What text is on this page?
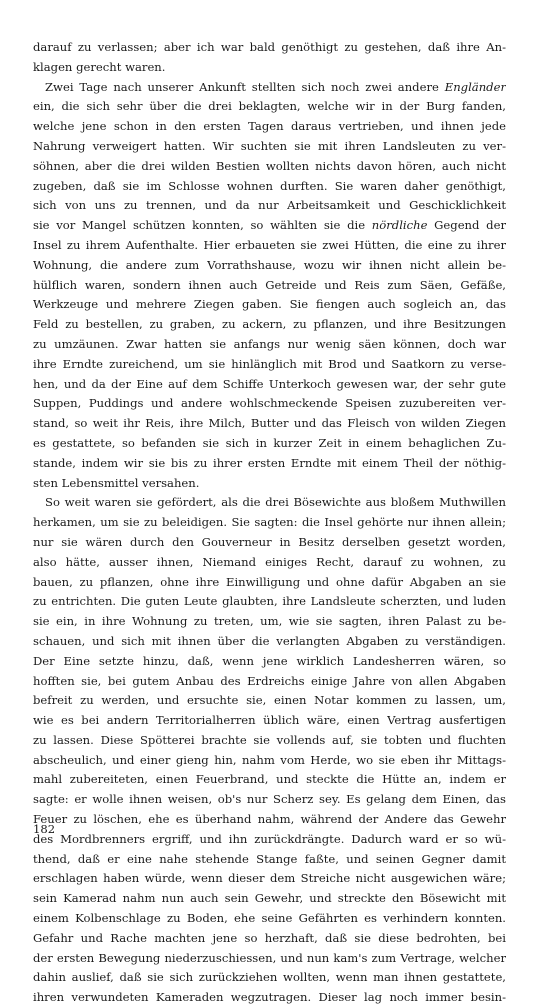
darauf zu verlassen; aber ich war bald genöthigt zu gestehen, daß ihre An-
klagen gerecht waren.
Zwei Tage nach unserer Ankunft stellten sich noch zwei andere Engländer
ein, die sich sehr über die drei beklagten, welche wir in der Burg fanden,
welche jene schon in den ersten Tagen daraus vertrieben, und ihnen jede
Nahrung verweigert hatten. Wir suchten sie mit ihren Landsleuten zu ver-
söhnen, aber die drei wilden Bestien wollten nichts davon hören, auch nicht
zugeben, daß sie im Schlosse wohnen durften. Sie waren daher genöthigt,
sich von uns zu trennen, und da nur Arbeitsamkeit und Geschicklichkeit
sie vor Mangel schützen konnten, so wählten sie die nördliche Gegend der
Insel zu ihrem Aufenthalte. Hier erbaueten sie zwei Hütten, die eine zu ihrer
Wohnung, die andere zum Vorrathshause, wozu wir ihnen nicht allein be-
hülflich waren, sondern ihnen auch Getreide und Reis zum Säen, Gefäße,
Werkzeuge und mehrere Ziegen gaben. Sie fiengen auch sogleich an, das
Feld zu bestellen, zu graben, zu ackern, zu pflanzen, und ihre Besitzungen
zu umzäunen. Zwar hatten sie anfangs nur wenig säen können, doch war
ihre Erndte zureichend, um sie hinlänglich mit Brod und Saatkorn zu verse-
hen, und da der Eine auf dem Schiffe Unterkoch gewesen war, der sehr gute
Suppen, Puddings und andere wohlschmeckende Speisen zuzubereiten ver-
stand, so weit ihr Reis, ihre Milch, Butter und das Fleisch von wilden Ziegen
es gestattete, so befanden sie sich in kurzer Zeit in einem behaglichen Zu-
stande, indem wir sie bis zu ihrer ersten Erndte mit einem Theil der nöthig-
sten Lebensmittel versahen.
So weit waren sie gefördert, als die drei Bösewichte aus bloßem Muthwillen
herkamen, um sie zu beleidigen. Sie sagten: die Insel gehörte nur ihnen allein;
nur sie wären durch den Gouverneur in Besitz derselben gesetzt worden,
also hätte, ausser ihnen, Niemand einiges Recht, darauf zu wohnen, zu
bauen, zu pflanzen, ohne ihre Einwilligung und ohne dafür Abgaben an sie
zu entrichten. Die guten Leute glaubten, ihre Landsleute scherzten, und luden
sie ein, in ihre Wohnung zu treten, um, wie sie sagten, ihren Palast zu be-
schauen, und sich mit ihnen über die verlangten Abgaben zu verständigen.
Der Eine setzte hinzu, daß, wenn jene wirklich Landesherren wären, so
hofften sie, bei gutem Anbau des Erdreichs einige Jahre von allen Abgaben
befreit zu werden, und ersuchte sie, einen Notar kommen zu lassen, um,
wie es bei andern Territorialherren üblich wäre, einen Vertrag ausfertigen
zu lassen. Diese Spötterei brachte sie vollends auf, sie tobten und fluchten
abscheulich, und einer gieng hin, nahm vom Herde, wo sie eben ihr Mittags-
mahl zubereiteten, einen Feuerbrand, und steckte die Hütte an, indem er
sagte: er wolle ihnen weisen, ob's nur Scherz sey. Es gelang dem Einen, das
Feuer zu löschen, ehe es überhand nahm, während der Andere das Gewehr
des Mordbrenners ergriff, und ihn zurückdrängte. Dadurch ward er so wü-
thend, daß er eine nahe stehende Stange faßte, und seinen Gegner damit
erschlagen haben würde, wenn dieser dem Streiche nicht ausgewichen wäre;
sein Kamerad nahm nun auch sein Gewehr, und streckte den Bösewicht mit
einem Kolbenschlage zu Boden, ehe seine Gefährten es verhindern konnten.
Gefahr und Rache machten jene so herzhaft, daß sie diese bedrohten, bei
der ersten Bewegung niederzuschiessen, und nun kam's zum Vertrage, welcher
dahin auslief, daß sie sich zurückziehen wollten, wenn man ihnen gestattete,
ihren verwundeten Kameraden wegzutragen. Dieser lag noch immer besin-
182
